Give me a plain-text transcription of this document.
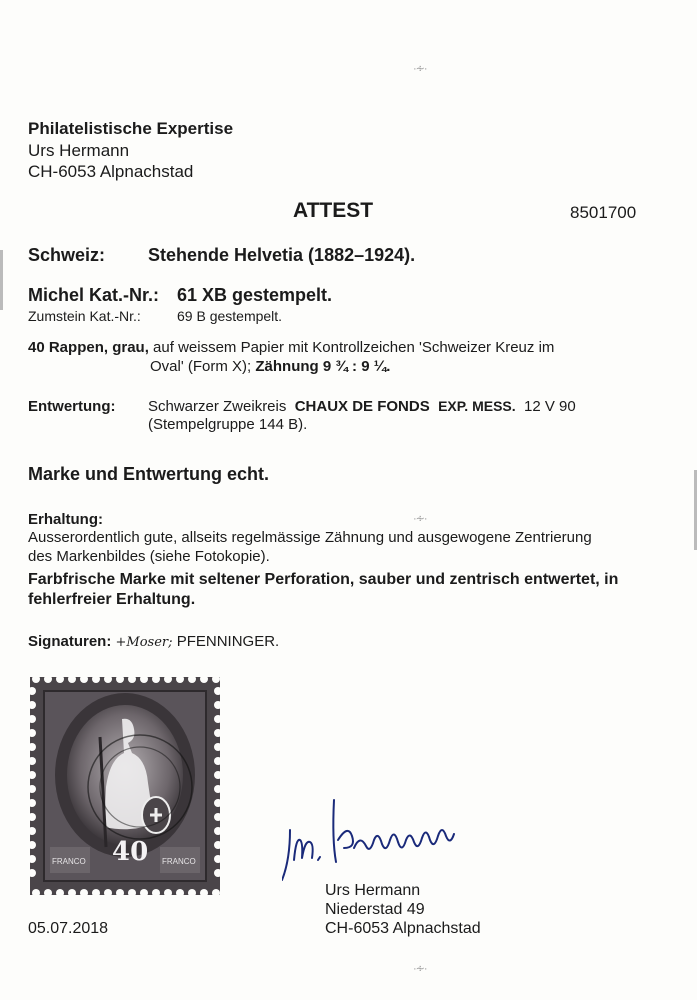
·∻·
·∻·
·∻·
Philatelistische Expertise
Urs Hermann
CH-6053 Alpnachstad
ATTEST	8501700
Schweiz: Stehende Helvetia (1882–1924).
Michel Kat.-Nr.: 61 XB gestempelt.
Zumstein Kat.-Nr.:	69 B gestempelt.
40 Rappen, grau, auf weissem Papier mit Kontrollzeichen 'Schweizer Kreuz im
Oval' (Form X); Zähnung 9 ¾ : 9 ¼.
Entwertung: Schwarzer Zweikreis CHAUX DE FONDS EXP. MESS. 12 V 90
(Stempelgruppe 144 B).
Marke und Entwertung echt.
Erhaltung:
Ausserordentlich gute, allseits regelmässige Zähnung und ausgewogene Zentrierung
des Markenbildes (siehe Fotokopie).
Farbfrische Marke mit seltener Perforation, sauber und zentrisch entwertet, in
fehlerfreier Erhaltung.
Signaturen: +Moser; PFENNINGER.
40
FRANCO	FRANCO
Urs Hermann
Niederstad 49
CH-6053 Alpnachstad
05.07.2018
